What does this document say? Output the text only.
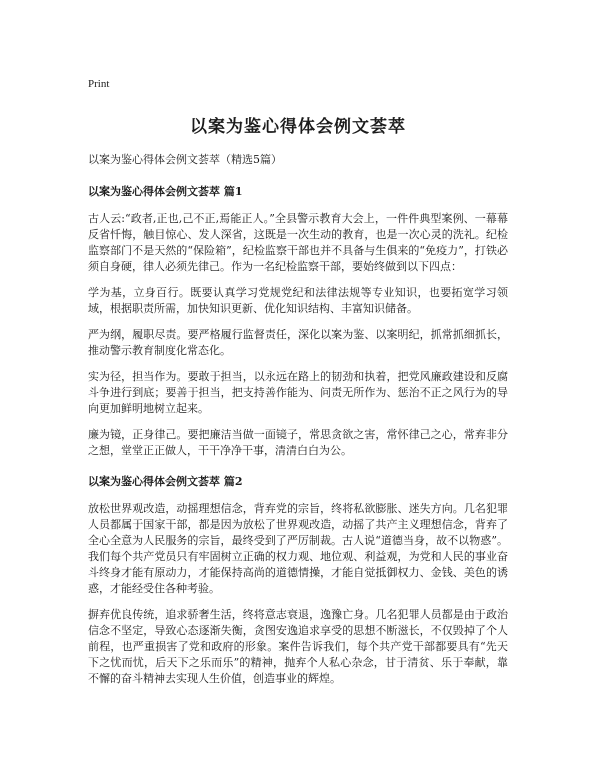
Print
以案为鉴心得体会例文荟萃

以案为鉴心得体会例文荟萃（精选5篇）

以案为鉴心得体会例文荟萃 篇1

古人云:“政者,正也,己不正,焉能正人。”全县警示教育大会上，一件件典型案例、一幕幕反省忏悔，触目惊心、发人深省，这既是一次生动的教育，也是一次心灵的洗礼。纪检监察部门不是天然的“保险箱”，纪检监察干部也并不具备与生俱来的“免疫力”，打铁必须自身硬，律人必须先律己。作为一名纪检监察干部，要始终做到以下四点：

学为基，立身百行。既要认真学习党规党纪和法律法规等专业知识，也要拓宽学习领域，根据职责所需，加快知识更新、优化知识结构、丰富知识储备。

严为纲，履职尽责。要严格履行监督责任，深化以案为鉴、以案明纪，抓常抓细抓长，推动警示教育制度化常态化。

实为径，担当作为。要敢于担当，以永远在路上的韧劲和执着，把党风廉政建设和反腐斗争进行到底；要善于担当，把支持善作能为、问责无所作为、惩治不正之风行为的导向更加鲜明地树立起来。

廉为镜，正身律己。要把廉洁当做一面镜子，常思贪欲之害，常怀律己之心，常弃非分之想，堂堂正正做人，干干净净干事，清清白白为公。

以案为鉴心得体会例文荟萃 篇2

放松世界观改造，动摇理想信念，背弃党的宗旨，终将私欲膨胀、迷失方向。几名犯罪人员都属于国家干部，都是因为放松了世界观改造，动摇了共产主义理想信念，背弃了全心全意为人民服务的宗旨，最终受到了严厉制裁。古人说“道德当身，故不以物惑”。我们每个共产党员只有牢固树立正确的权力观、地位观、利益观，为党和人民的事业奋斗终身才能有原动力，才能保持高尚的道德情操，才能自觉抵御权力、金钱、美色的诱惑，才能经受住各种考验。

摒弃优良传统，追求骄奢生活，终将意志衰退，逸豫亡身。几名犯罪人员都是由于政治信念不坚定，导致心态逐渐失衡，贪图安逸追求享受的思想不断滋长，不仅毁掉了个人前程，也严重损害了党和政府的形象。案件告诉我们，每个共产党干部都要具有“先天下之忧而忧，后天下之乐而乐”的精神，抛弃个人私心杂念，甘于清贫、乐于奉献，靠不懈的奋斗精神去实现人生价值，创造事业的辉煌。
